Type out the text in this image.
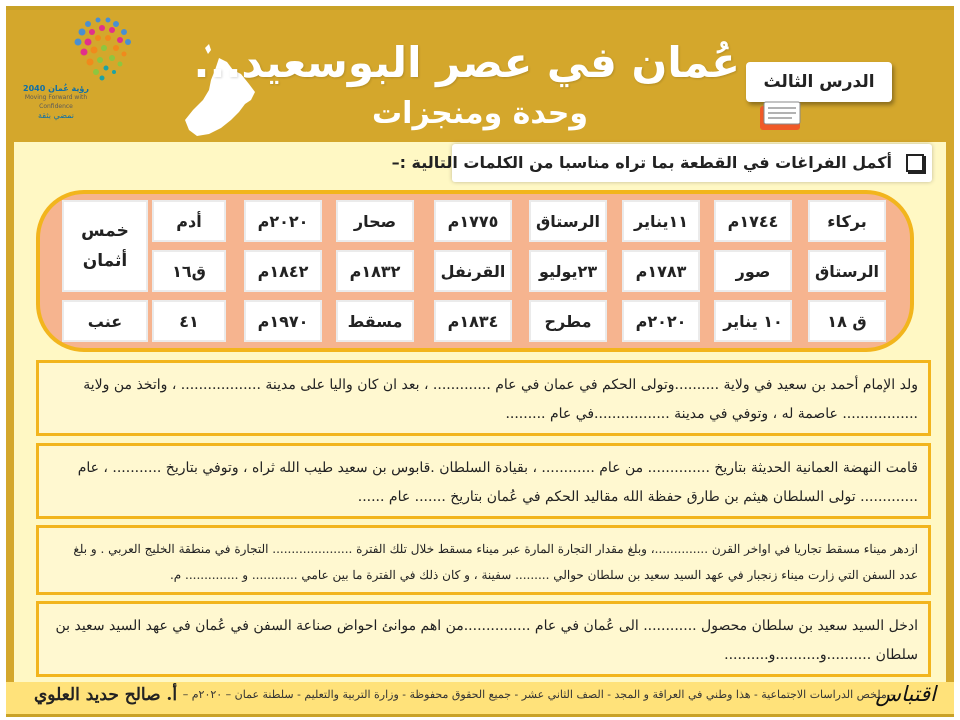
رؤية عُمان 2040
Moving Forward with Confidence
نمضي بثقة
عُمان في عصر البوسعيد...
وحدة ومنجزات
الدرس الثالث
أكمل الفراغات في القطعة بما تراه مناسبا من الكلمات التالية :–
بركاء
١٧٤٤م
١١يناير
الرستاق
١٧٧٥م
صحار
٢٠٢٠م
أدم
الرستاق
صور
١٧٨٣م
٢٣يوليو
القرنفل
١٨٣٢م
١٨٤٢م
ق١٦
ق ١٨
١٠ يناير
٢٠٢٠م
مطرح
١٨٣٤م
مسقط
١٩٧٠م
٤١
خمس أثمان
عنب

ولد الإمام أحمد بن سعيد في ولاية ..........وتولى الحكم في عمان في عام ............. ، بعد ان كان واليا على مدينة .................. ، واتخذ من ولاية

................. عاصمة له ، وتوفي في مدينة .................في عام .........

قامت النهضة العمانية الحديثة بتاريخ .............. من عام ............ ، بقيادة السلطان .قابوس بن سعيد طيب الله ثراه ، وتوفي بتاريخ ........... ، عام

............. تولى السلطان هيثم بن طارق حفظة الله مقاليد الحكم في عُمان بتاريخ ....... عام ......

ازدهر ميناء مسقط تجاريا في اواخر القرن ..............، وبلغ مقدار التجارة المارة عبر ميناء مسقط خلال تلك الفترة ..................... التجارة في منطقة الخليج العربي . و بلغ

عدد السفن التي زارت ميناء زنجبار في عهد السيد سعيد بن سلطان حوالي ......... سفينة ، و كان ذلك في الفترة ما بين عامي ............ و .............. م.

ادخل السيد سعيد بن سلطان محصول ............ الى عُمان في عام ...............من اهم موانئ احواض صناعة السفن في عُمان في عهد السيد سعيد بن

سلطان ..........و..........و..........

اقتباس
- ملخص الدراسات الاجتماعية - هذا وطني في العراقة و المجد - الصف الثاني عشر - جميع الحقوق محفوظة - وزارة التربية والتعليم - سلطنة عمان – ٢٠٢٠م –
أ. صالح حديد العلوي
